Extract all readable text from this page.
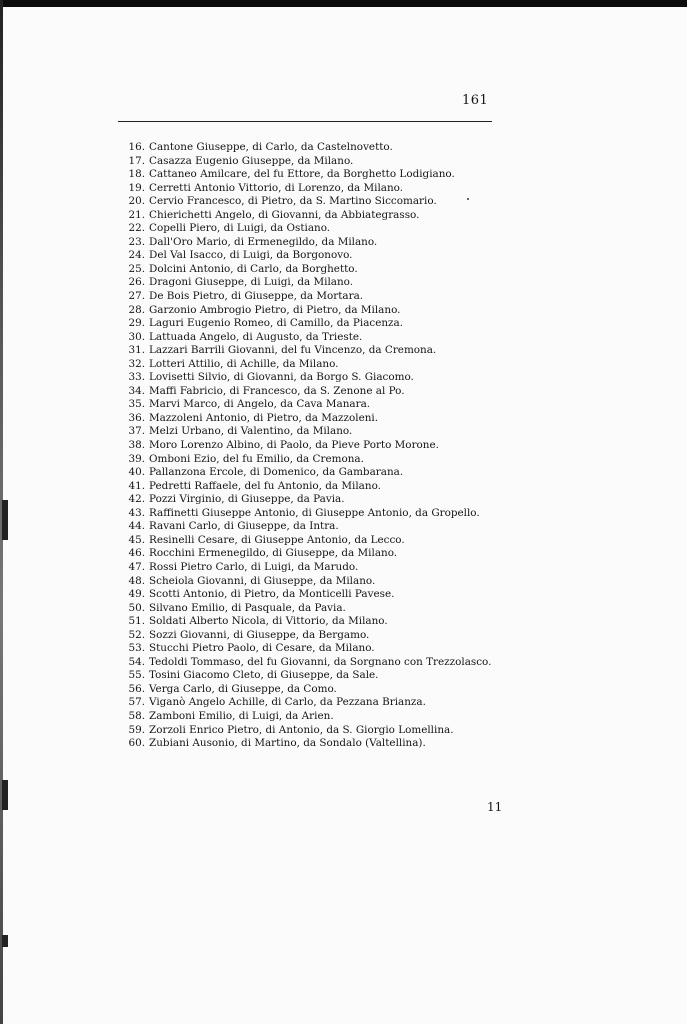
161
16. Cantone Giuseppe, di Carlo, da Castelnovetto.
17. Casazza Eugenio Giuseppe, da Milano.
18. Cattaneo Amilcare, del fu Ettore, da Borghetto Lodigiano.
19. Cerretti Antonio Vittorio, di Lorenzo, da Milano.
20. Cervio Francesco, di Pietro, da S. Martino Siccomario.
21. Chierichetti Angelo, di Giovanni, da Abbiategrasso.
22. Copelli Piero, di Luigi, da Ostiano.
23. Dall'Oro Mario, di Ermenegildo, da Milano.
24. Del Val Isacco, di Luigi, da Borgonovo.
25. Dolcini Antonio, di Carlo, da Borghetto.
26. Dragoni Giuseppe, di Luigi, da Milano.
27. De Bois Pietro, di Giuseppe, da Mortara.
28. Garzonio Ambrogio Pietro, di Pietro, da Milano.
29. Laguri Eugenio Romeo, di Camillo, da Piacenza.
30. Lattuada Angelo, di Augusto, da Trieste.
31. Lazzari Barrili Giovanni, del fu Vincenzo, da Cremona.
32. Lotteri Attilio, di Achille, da Milano.
33. Lovisetti Silvio, di Giovanni, da Borgo S. Giacomo.
34. Maffi Fabricio, di Francesco, da S. Zenone al Po.
35. Marvi Marco, di Angelo, da Cava Manara.
36. Mazzoleni Antonio, di Pietro, da Mazzoleni.
37. Melzi Urbano, di Valentino, da Milano.
38. Moro Lorenzo Albino, di Paolo, da Pieve Porto Morone.
39. Omboni Ezio, del fu Emilio, da Cremona.
40. Pallanzona Ercole, di Domenico, da Gambarana.
41. Pedretti Raffaele, del fu Antonio, da Milano.
42. Pozzi Virginio, di Giuseppe, da Pavia.
43. Raffinetti Giuseppe Antonio, di Giuseppe Antonio, da Gropello.
44. Ravani Carlo, di Giuseppe, da Intra.
45. Resinelli Cesare, di Giuseppe Antonio, da Lecco.
46. Rocchini Ermenegildo, di Giuseppe, da Milano.
47. Rossi Pietro Carlo, di Luigi, da Marudo.
48. Scheiola Giovanni, di Giuseppe, da Milano.
49. Scotti Antonio, di Pietro, da Monticelli Pavese.
50. Silvano Emilio, di Pasquale, da Pavia.
51. Soldati Alberto Nicola, di Vittorio, da Milano.
52. Sozzi Giovanni, di Giuseppe, da Bergamo.
53. Stucchi Pietro Paolo, di Cesare, da Milano.
54. Tedoldi Tommaso, del fu Giovanni, da Sorgnano con Trezzolasco.
55. Tosini Giacomo Cleto, di Giuseppe, da Sale.
56. Verga Carlo, di Giuseppe, da Como.
57. Viganò Angelo Achille, di Carlo, da Pezzana Brianza.
58. Zamboni Emilio, di Luigi, da Arien.
59. Zorzoli Enrico Pietro, di Antonio, da S. Giorgio Lomellina.
60. Zubiani Ausonio, di Martino, da Sondalo (Valtellina).
11
